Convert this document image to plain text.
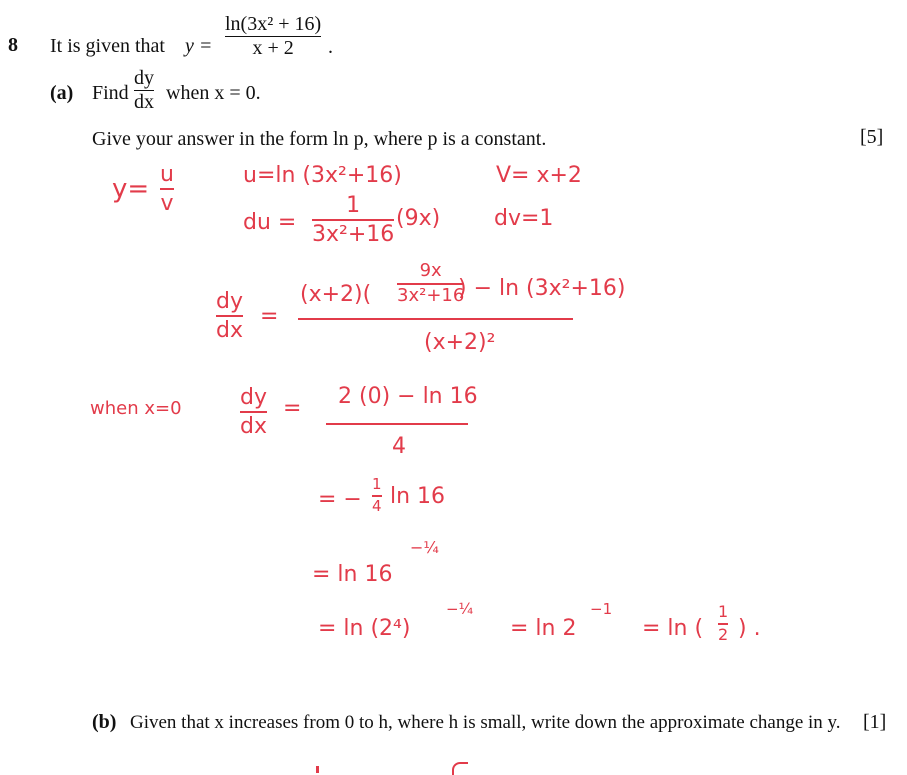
8 It is given that $y = \frac{\text{ln(3x² + 16)}}{x + 2}$ .
(a) Find $\frac{dy}{dx}$ when x = 0.
Give your answer in the form ln p, where p is a constant.	[5]
$y= \frac{u}{v}$	u=ln (3x²+16)	V= x+2
du = $\frac{1}{\text{3x²+16}} (9x)$ dv=1
$\frac{dy}{dx}$ =
$(x+2)( \frac{9x}{\text{3x²+16}}$
) − ln (3x²+16)
(x+2)²
when x=0	$\frac{dy}{dx} = 2$ (0) − ln 16
4
= − $\frac{1}{4}$ ln 16
= ln 16
−¼
= ln (2⁴)
−¼
= ln 2
−1
= ln ( $\frac{1}{2}$ ) .
(b) Given that x increases from 0 to h, where h is small, write down the approximate change in y. [1]
